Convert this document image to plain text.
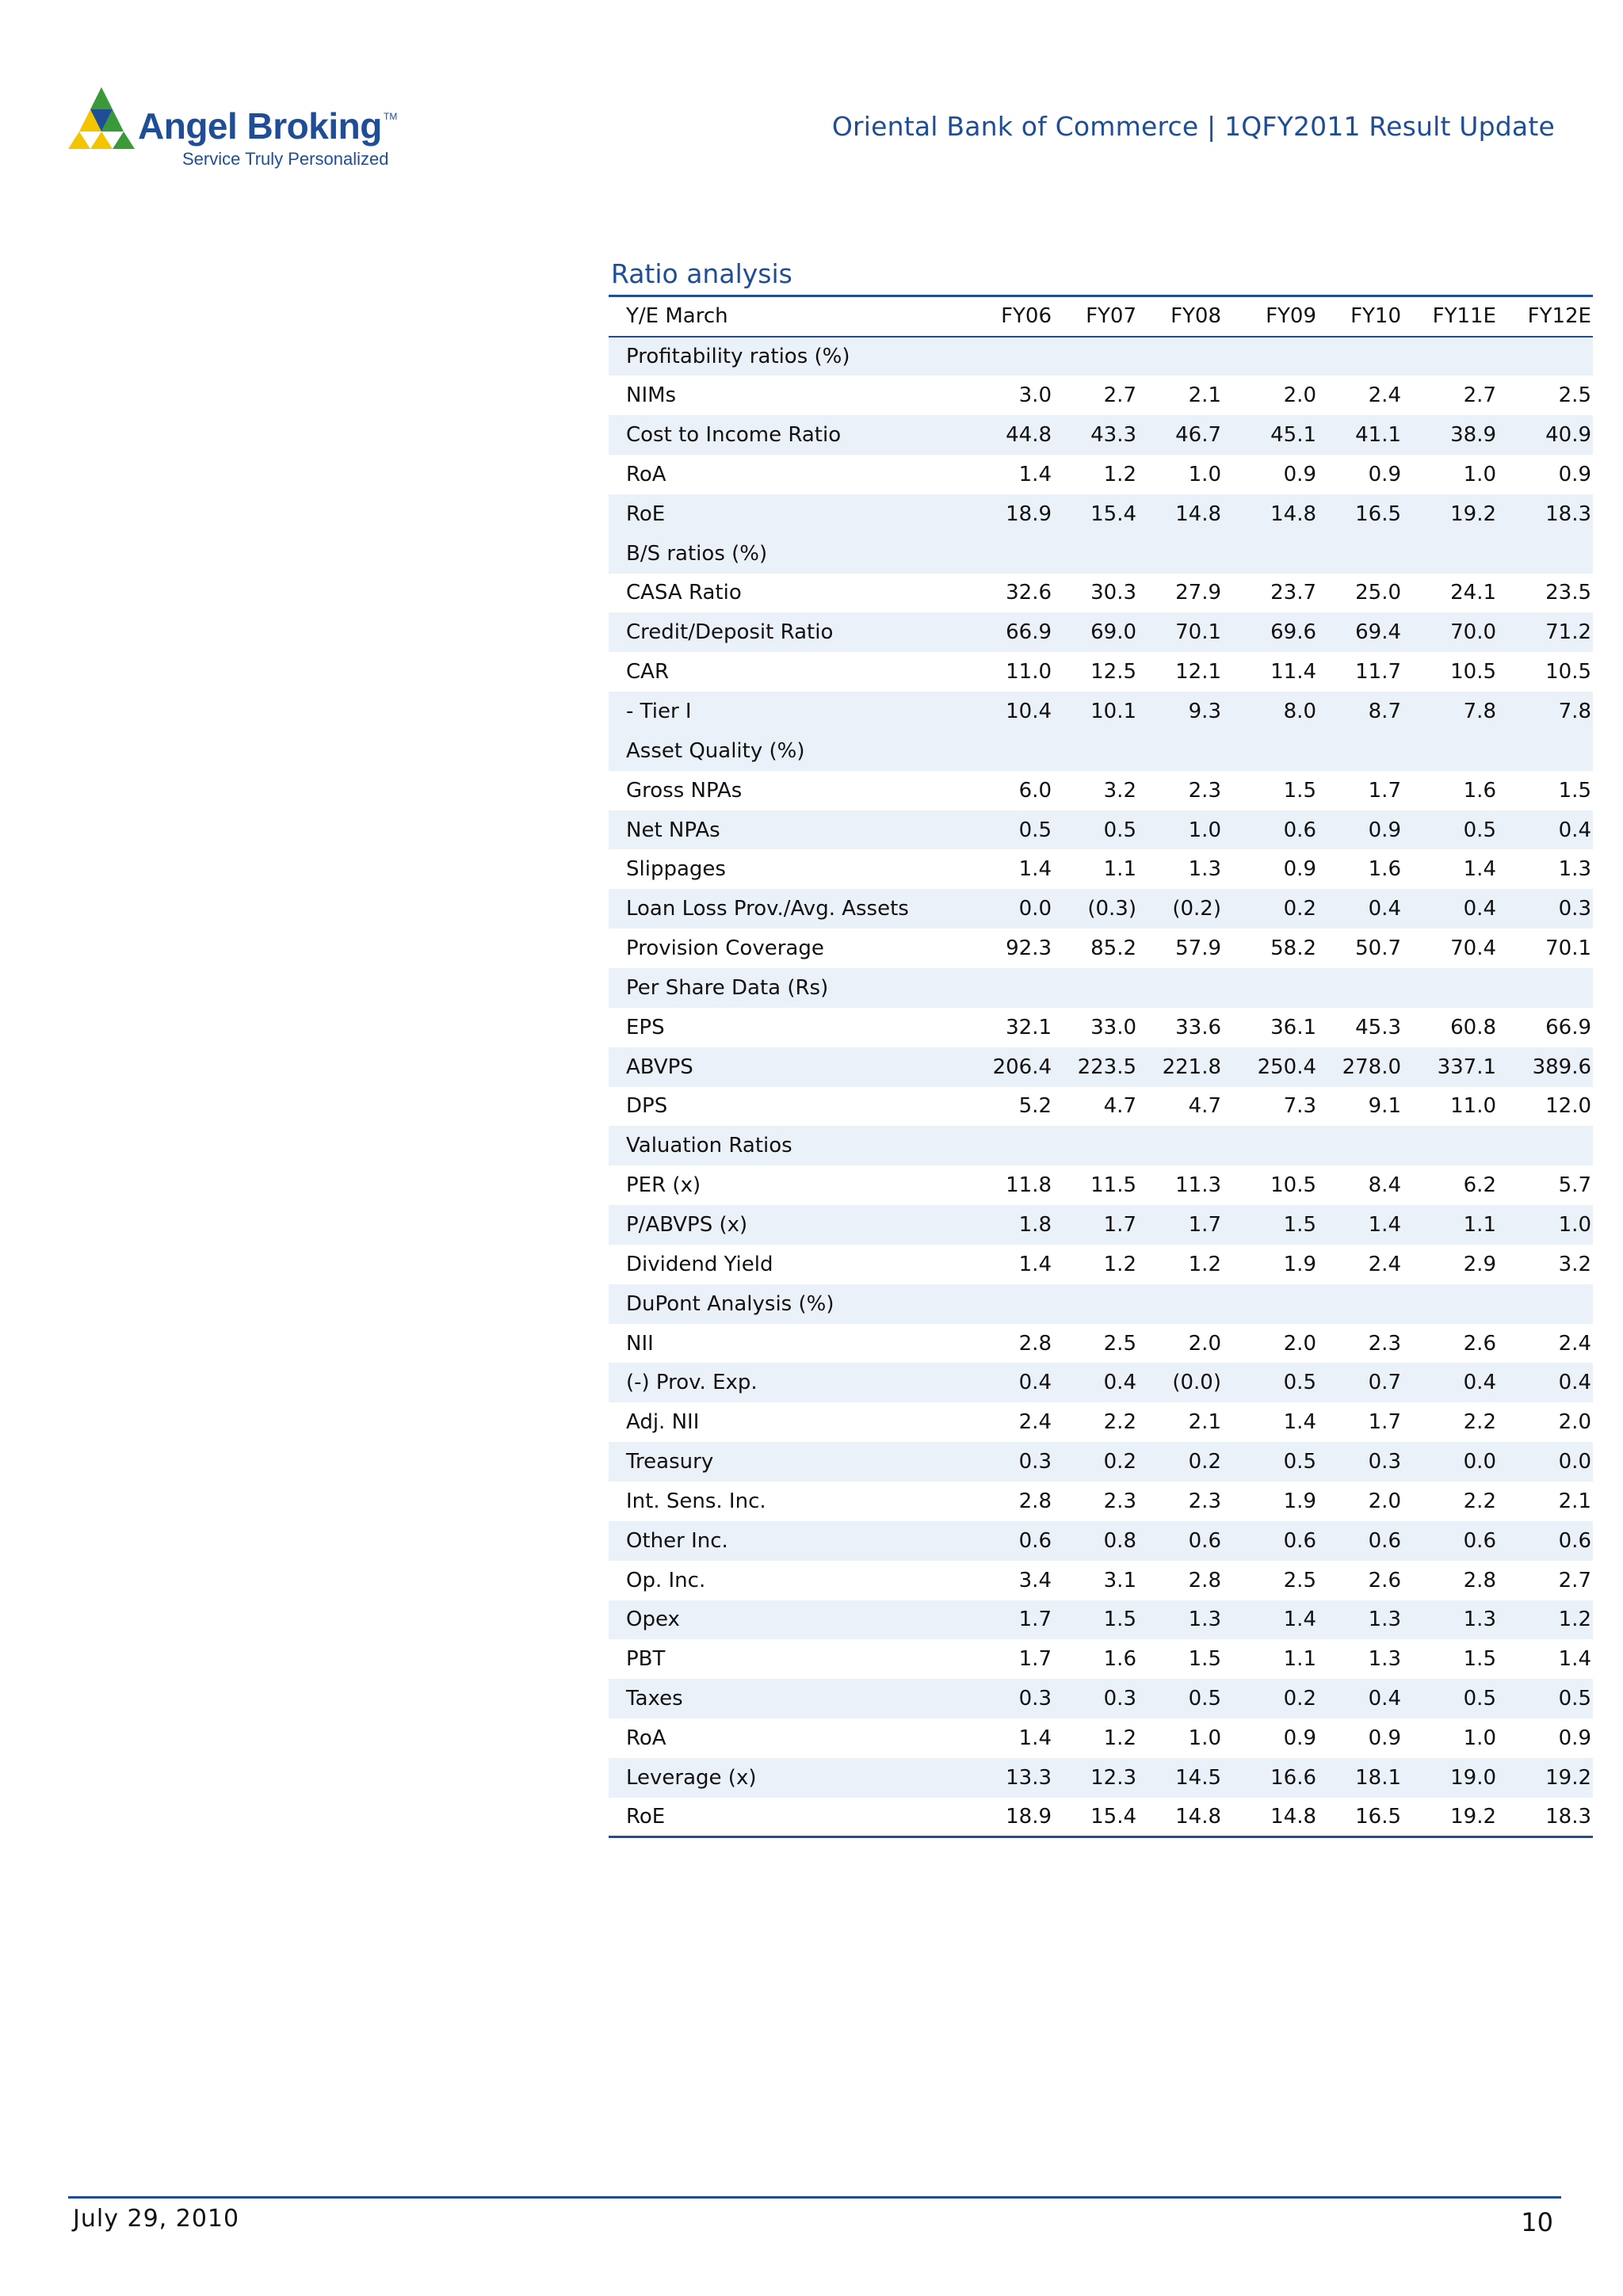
Angel Broking TM
Service Truly Personalized
Oriental Bank of Commerce | 1QFY2011 Result Update
Ratio analysis
Y/E March	FY06	FY07	FY08	FY09	FY10	FY11E	FY12E
Profitability ratios (%)							
NIMs	3.0	2.7	2.1	2.0	2.4	2.7	2.5
Cost to Income Ratio	44.8	43.3	46.7	45.1	41.1	38.9	40.9
RoA	1.4	1.2	1.0	0.9	0.9	1.0	0.9
RoE	18.9	15.4	14.8	14.8	16.5	19.2	18.3
B/S ratios (%)							
CASA Ratio	32.6	30.3	27.9	23.7	25.0	24.1	23.5
Credit/Deposit Ratio	66.9	69.0	70.1	69.6	69.4	70.0	71.2
CAR	11.0	12.5	12.1	11.4	11.7	10.5	10.5
- Tier I	10.4	10.1	9.3	8.0	8.7	7.8	7.8
Asset Quality (%)							
Gross NPAs	6.0	3.2	2.3	1.5	1.7	1.6	1.5
Net NPAs	0.5	0.5	1.0	0.6	0.9	0.5	0.4
Slippages	1.4	1.1	1.3	0.9	1.6	1.4	1.3
Loan Loss Prov./Avg. Assets	0.0	(0.3)	(0.2)	0.2	0.4	0.4	0.3
Provision Coverage	92.3	85.2	57.9	58.2	50.7	70.4	70.1
Per Share Data (Rs)							
EPS	32.1	33.0	33.6	36.1	45.3	60.8	66.9
ABVPS	206.4	223.5	221.8	250.4	278.0	337.1	389.6
DPS	5.2	4.7	4.7	7.3	9.1	11.0	12.0
Valuation Ratios							
PER (x)	11.8	11.5	11.3	10.5	8.4	6.2	5.7
P/ABVPS (x)	1.8	1.7	1.7	1.5	1.4	1.1	1.0
Dividend Yield	1.4	1.2	1.2	1.9	2.4	2.9	3.2
DuPont Analysis (%)							
NII	2.8	2.5	2.0	2.0	2.3	2.6	2.4
(-) Prov. Exp.	0.4	0.4	(0.0)	0.5	0.7	0.4	0.4
Adj. NII	2.4	2.2	2.1	1.4	1.7	2.2	2.0
Treasury	0.3	0.2	0.2	0.5	0.3	0.0	0.0
Int. Sens. Inc.	2.8	2.3	2.3	1.9	2.0	2.2	2.1
Other Inc.	0.6	0.8	0.6	0.6	0.6	0.6	0.6
Op. Inc.	3.4	3.1	2.8	2.5	2.6	2.8	2.7
Opex	1.7	1.5	1.3	1.4	1.3	1.3	1.2
PBT	1.7	1.6	1.5	1.1	1.3	1.5	1.4
Taxes	0.3	0.3	0.5	0.2	0.4	0.5	0.5
RoA	1.4	1.2	1.0	0.9	0.9	1.0	0.9
Leverage (x)	13.3	12.3	14.5	16.6	18.1	19.0	19.2
RoE	18.9	15.4	14.8	14.8	16.5	19.2	18.3
July 29, 2010	10
